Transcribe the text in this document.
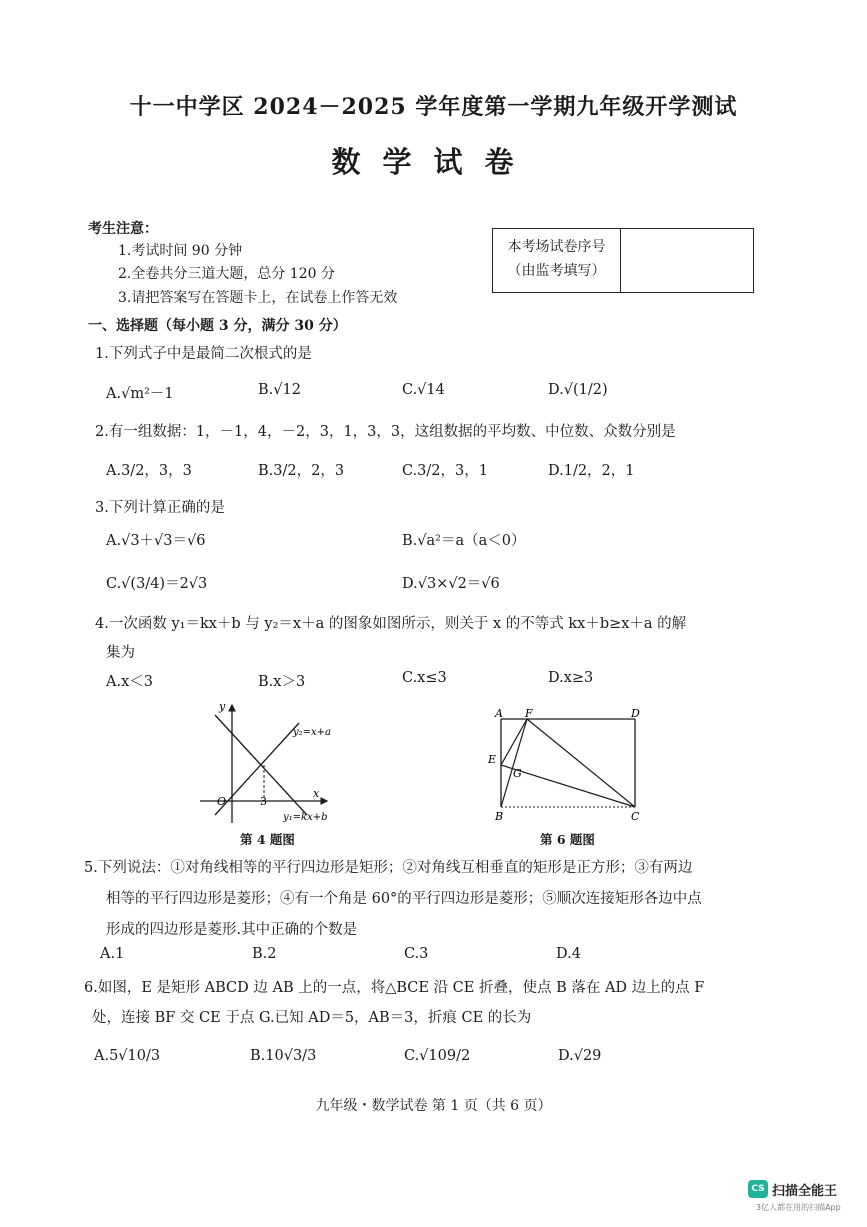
十一中学区 2024－2025 学年度第一学期九年级开学测试
数学试卷
考生注意：
1.考试时间 90 分钟
2.全卷共分三道大题，总分 120 分
3.请把答案写在答题卡上，在试卷上作答无效
本考场试卷序号
（由监考填写）
一、选择题（每小题 3 分，满分 30 分）
1.下列式子中是最简二次根式的是
A.√m²－1	B.√12	C.√14	D.√(1/2)
2.有一组数据：1，－1，4，－2，3，1，3，3，这组数据的平均数、中位数、众数分别是
A.3/2，3，3	B.3/2，2，3	C.3/2，3，1	D.1/2，2，1
3.下列计算正确的是
A.√3＋√3＝√6	B.√a²＝a（a＜0）
C.√(3/4)＝2√3	D.√3×√2＝√6
4.一次函数 y₁＝kx＋b 与 y₂＝x＋a 的图象如图所示，则关于 x 的不等式 kx＋b≥x＋a 的解
集为
A.x＜3	B.x＞3	C.x≤3	D.x≥3
y
x
O	3
y₂=x+a
y₁=kx+b
第 4 题图
A F	D
E
G
B	C
第 6 题图
5.下列说法：①对角线相等的平行四边形是矩形；②对角线互相垂直的矩形是正方形；③有两边
相等的平行四边形是菱形；④有一个角是 60°的平行四边形是菱形；⑤顺次连接矩形各边中点
形成的四边形是菱形.其中正确的个数是
A.1	B.2	C.3	D.4
6.如图，E 是矩形 ABCD 边 AB 上的一点，将△BCE 沿 CE 折叠，使点 B 落在 AD 边上的点 F
处，连接 BF 交 CE 于点 G.已知 AD＝5，AB＝3，折痕 CE 的长为
A.5√10/3	B.10√3/3	C.√109/2	D.√29
九年级・数学试卷 第 1 页（共 6 页）
CS 扫描全能王
3亿人都在用的扫描App
